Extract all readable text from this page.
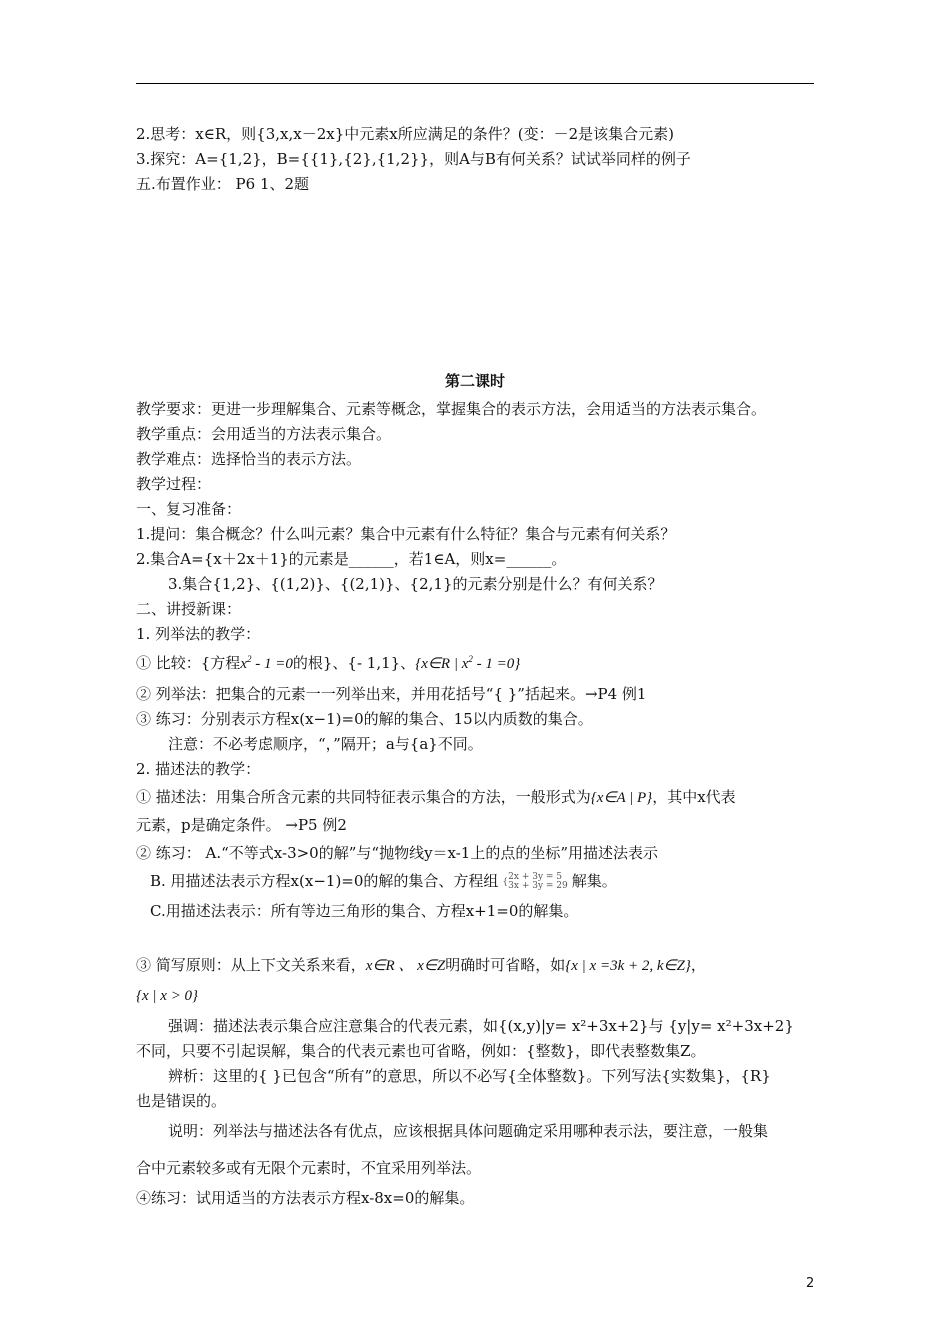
2.思考：x∈R，则{3,x,x－2x}中元素x所应满足的条件？(变：－2是该集合元素)
3.探究：A={1,2}，B={{1},{2},{1,2}}，则A与B有何关系？试试举同样的例子
五.布置作业： P6 1、2题
第二课时
教学要求：更进一步理解集合、元素等概念，掌握集合的表示方法，会用适当的方法表示集合。
教学重点：会用适当的方法表示集合。
教学难点：选择恰当的表示方法。
教学过程：
一、复习准备：
1.提问：集合概念？什么叫元素？集合中元素有什么特征？集合与元素有何关系？
2.集合A={x＋2x＋1}的元素是______，若1∈A，则x=______。
3.集合{1,2}、{(1,2)}、{(2,1)}、{2,1}的元素分别是什么？有何关系？
二、讲授新课：
1. 列举法的教学：
① 比较：{方程$x^2 - 1 =0$的根}、{- 1,1}、{x∈R | $x^2 - 1 =0$}
② 列举法：把集合的元素一一列举出来，并用花括号“{ }”括起来。→P4 例1
③ 练习：分别表示方程x(x−1)=0的解的集合、15以内质数的集合。
注意：不必考虑顺序，“，”隔开；a与{a}不同。
2. 描述法的教学：
① 描述法：用集合所含元素的共同特征表示集合的方法，一般形式为{x∈A | P}，其中x代表
元素，p是确定条件。 →P5 例2
② 练习： A.“不等式x-3>0的解”与“抛物线y＝x-1上的点的坐标”用描述法表示
B. 用描述法表示方程x(x−1)=0的解的集合、方程组 {
2x + 3y = 5
3x + 3y = 29 解集。
C.用描述法表示：所有等边三角形的集合、方程x+1=0的解集。
③ 简写原则：从上下文关系来看，x∈R 、 x∈Z明确时可省略，如{x | x =3k + 2, k∈Z}，
{x | x > 0}
强调：描述法表示集合应注意集合的代表元素，如{(x,y)|y= x²+3x+2}与 {y|y= x²+3x+2}
不同，只要不引起误解，集合的代表元素也可省略，例如：{整数}，即代表整数集Z。
辨析：这里的{ }已包含“所有”的意思，所以不必写{全体整数}。下列写法{实数集}，{R}
也是错误的。
说明：列举法与描述法各有优点，应该根据具体问题确定采用哪种表示法，要注意，一般集
合中元素较多或有无限个元素时，不宜采用列举法。
④练习：试用适当的方法表示方程x-8x=0的解集。
2
